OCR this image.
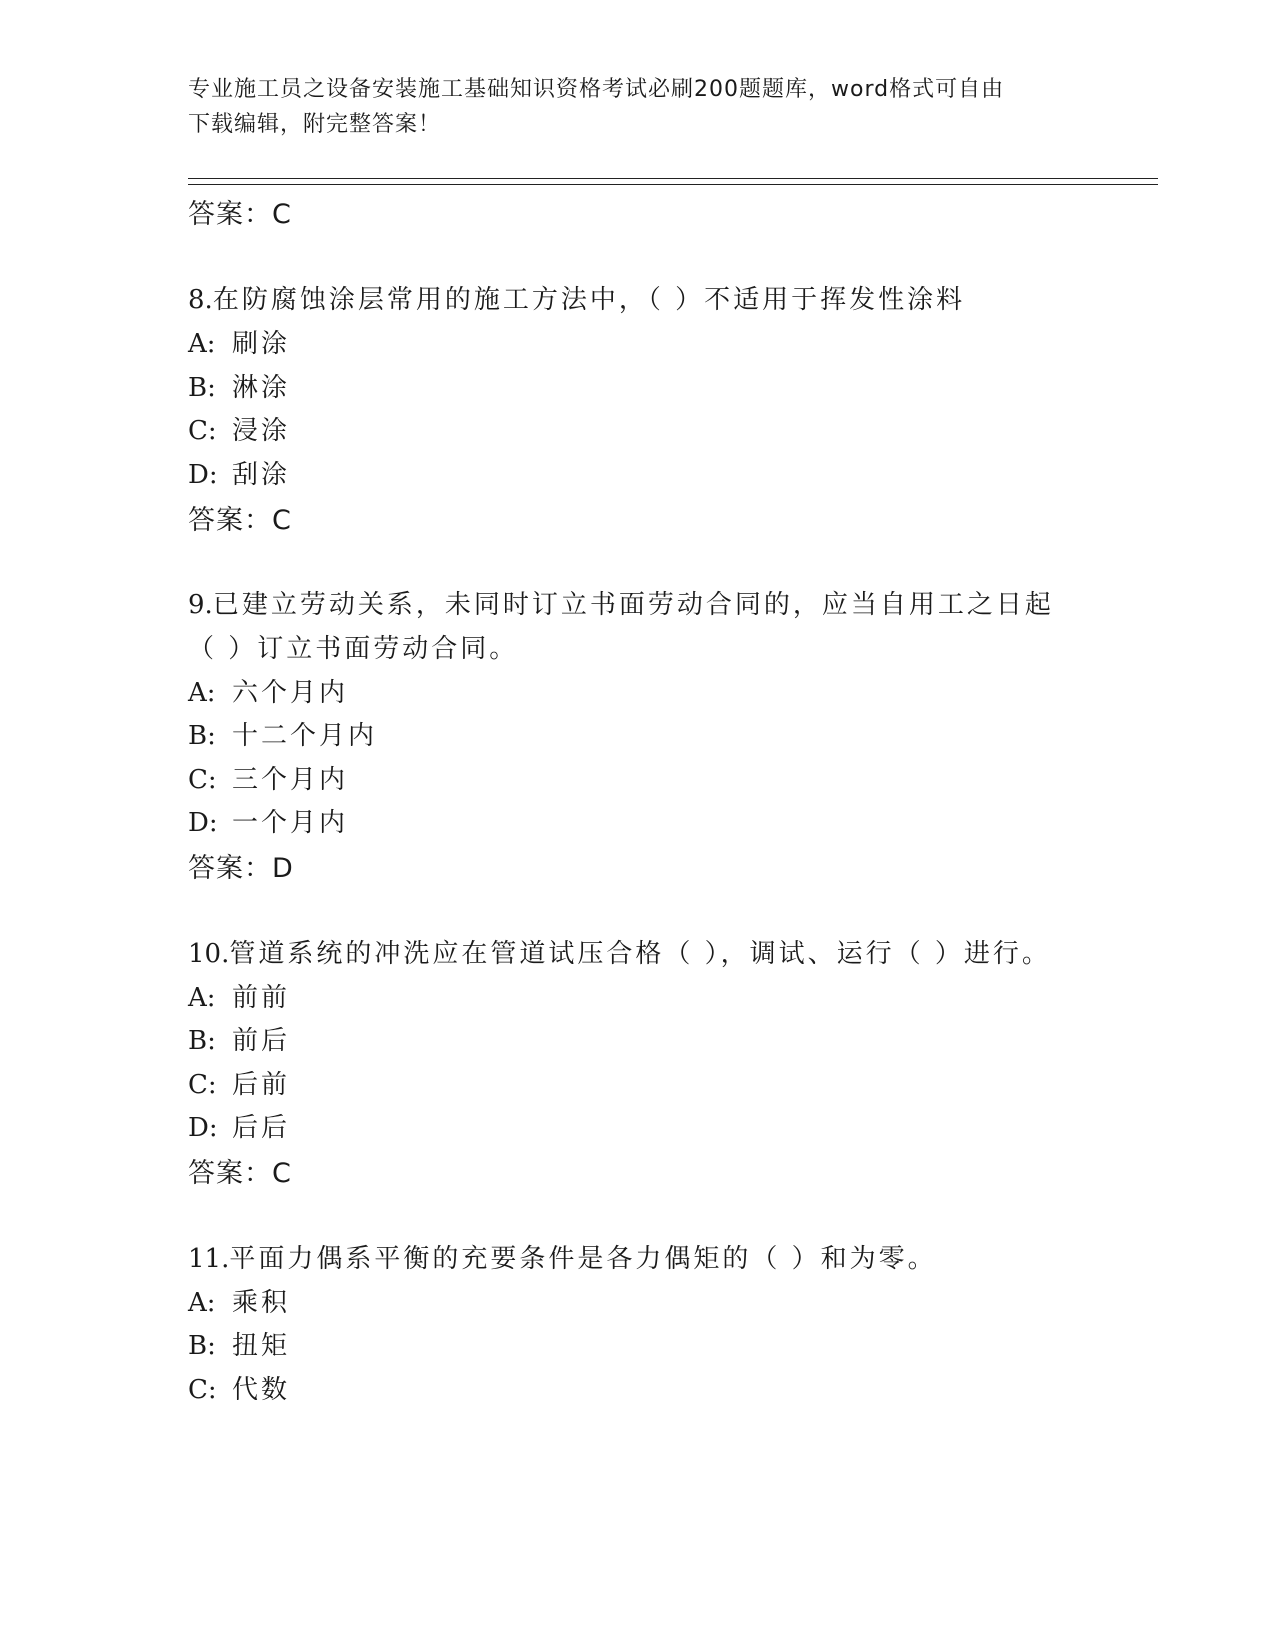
专业施工员之设备安装施工基础知识资格考试必刷200题题库，word格式可自由
下载编辑，附完整答案！
答案：C
8.在防腐蚀涂层常用的施工方法中，（ ）不适用于挥发性涂料
A: 刷涂
B: 淋涂
C: 浸涂
D: 刮涂
答案：C
9.已建立劳动关系，未同时订立书面劳动合同的，应当自用工之日起
（ ）订立书面劳动合同。
A: 六个月内
B: 十二个月内
C: 三个月内
D: 一个月内
答案：D
10.管道系统的冲洗应在管道试压合格（ ），调试、运行（ ）进行。
A: 前前
B: 前后
C: 后前
D: 后后
答案：C
11.平面力偶系平衡的充要条件是各力偶矩的（ ）和为零。
A: 乘积
B: 扭矩
C: 代数
